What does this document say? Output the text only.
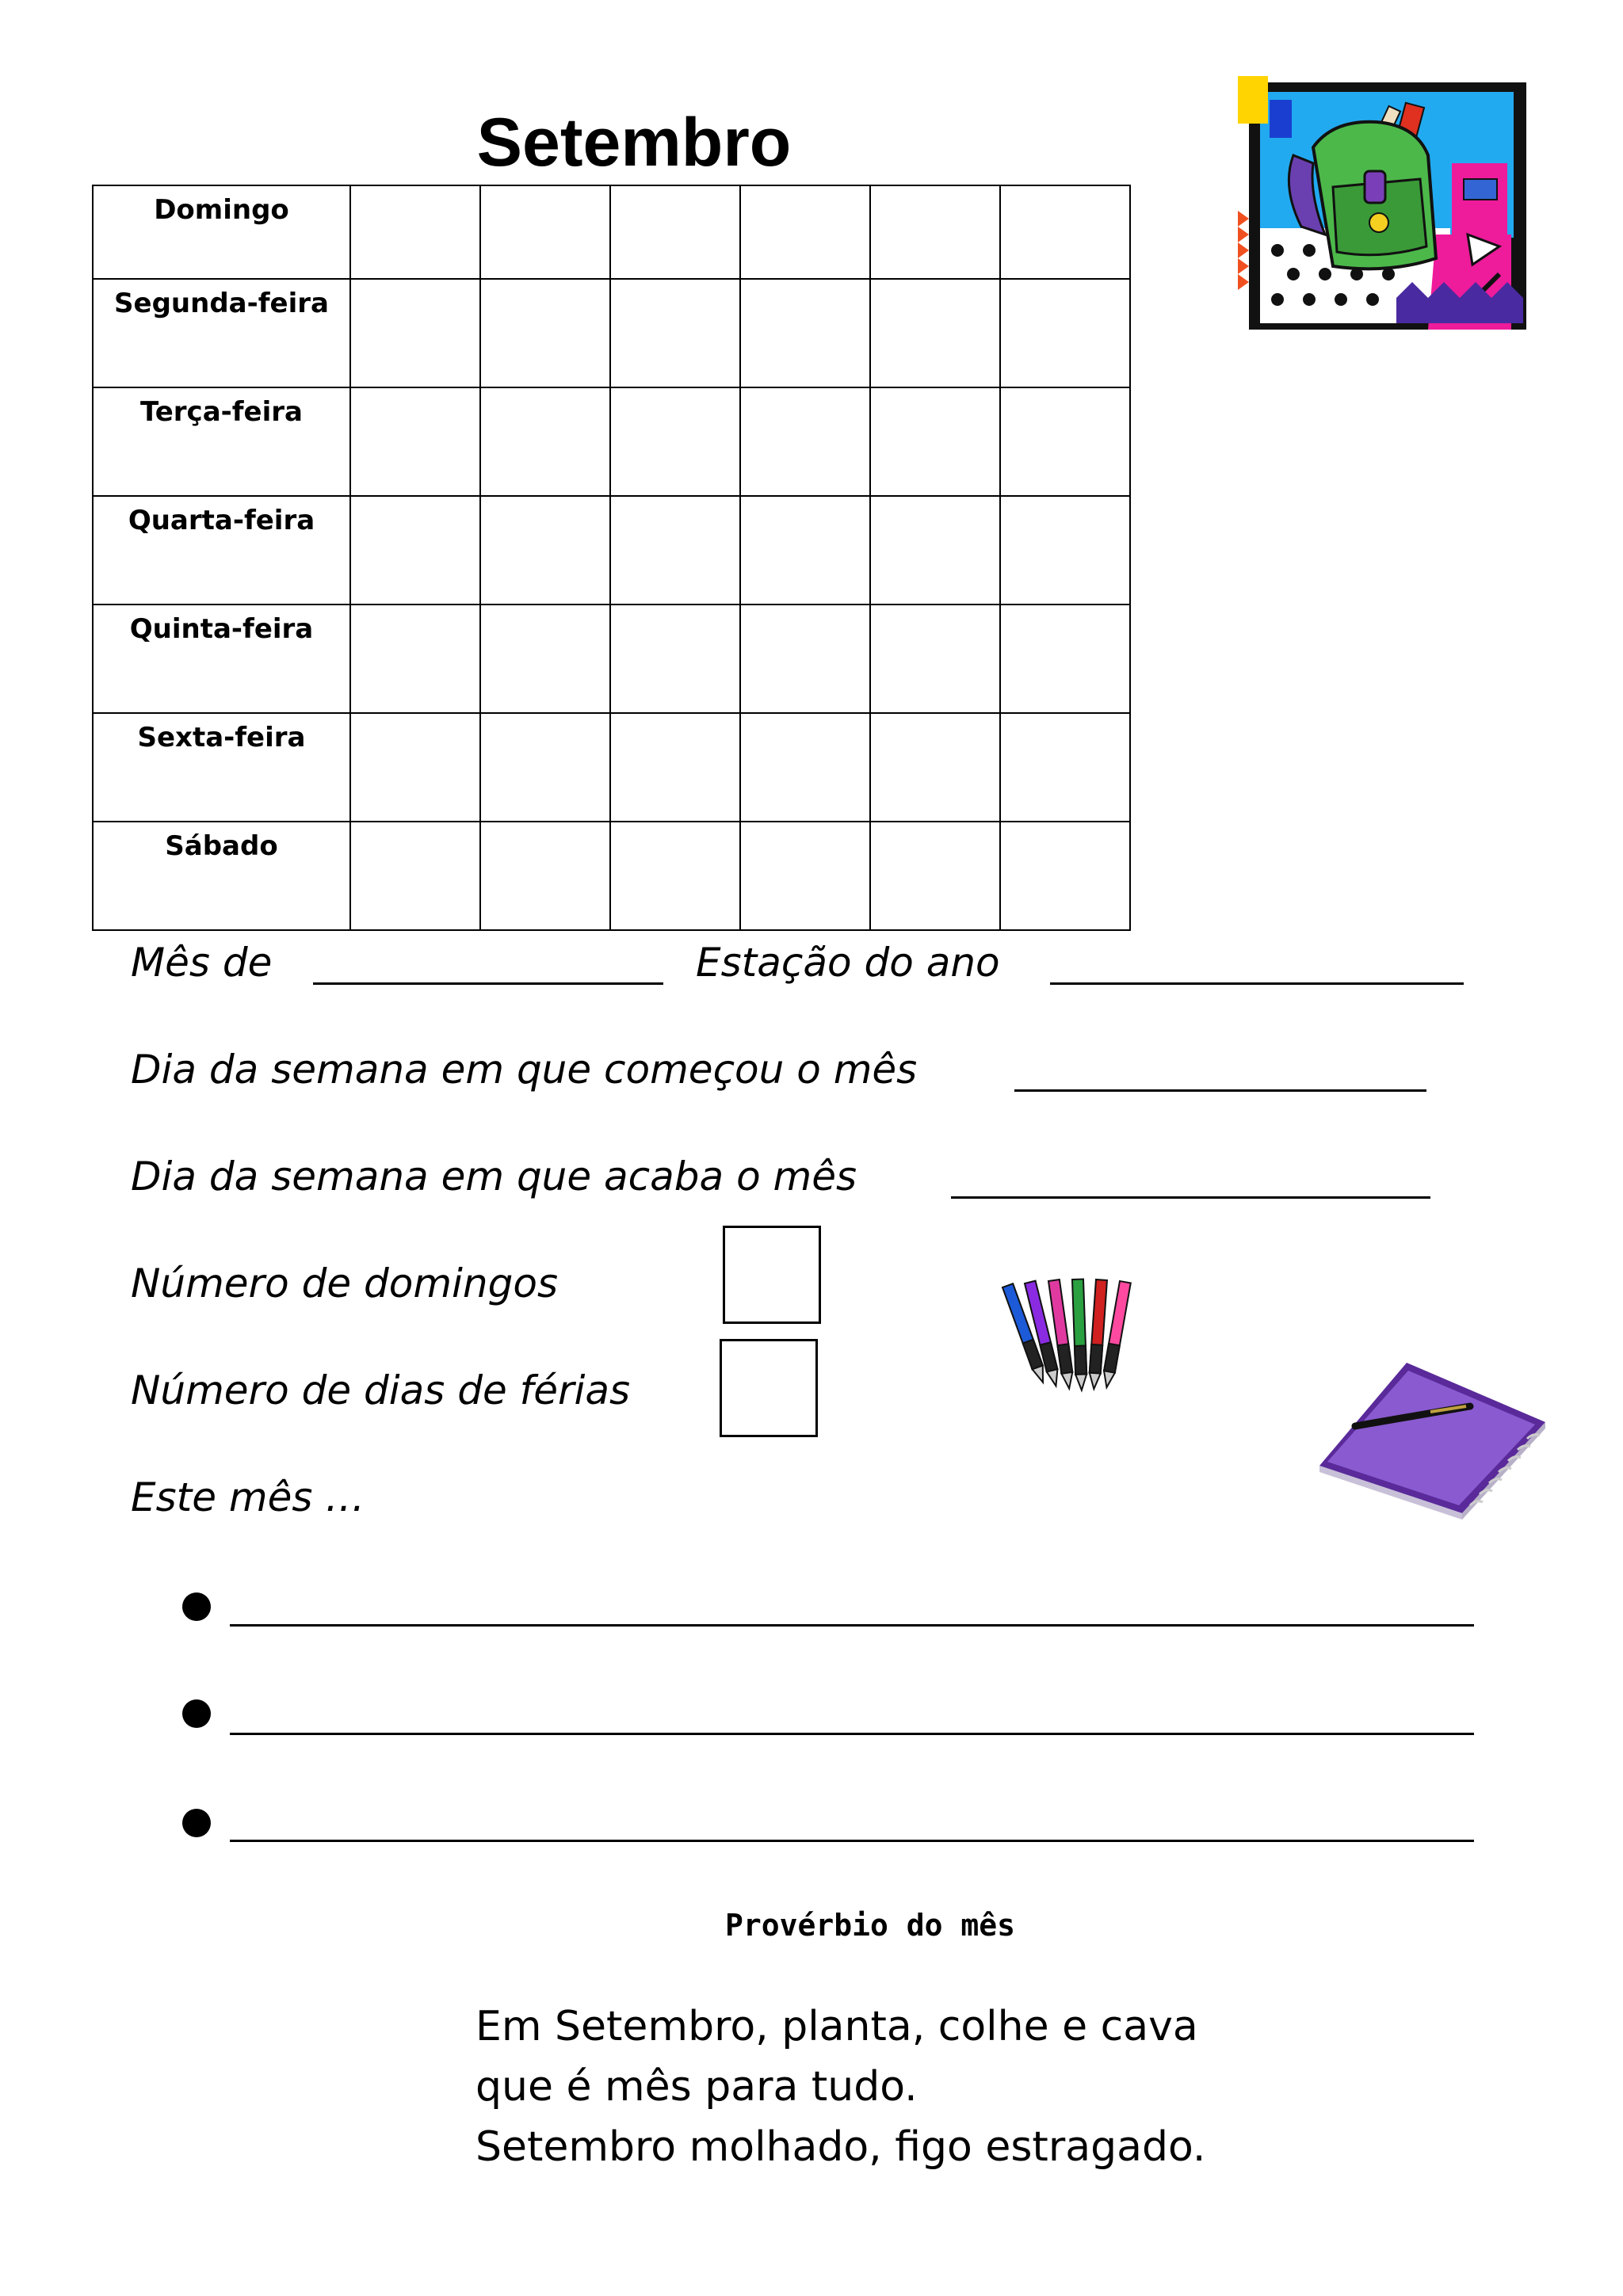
Setembro
Domingo						
Segunda-feira						
Terça-feira						
Quarta-feira						
Quinta-feira						
Sexta-feira						
Sábado						
Mês de	Estação do ano
Dia da semana em que começou o mês
Dia da semana em que acaba o mês
Número de domingos
Número de dias de férias
Este mês …
Provérbio do mês
Em Setembro, planta, colhe e cava
que é mês para tudo.
Setembro molhado, figo estragado.
